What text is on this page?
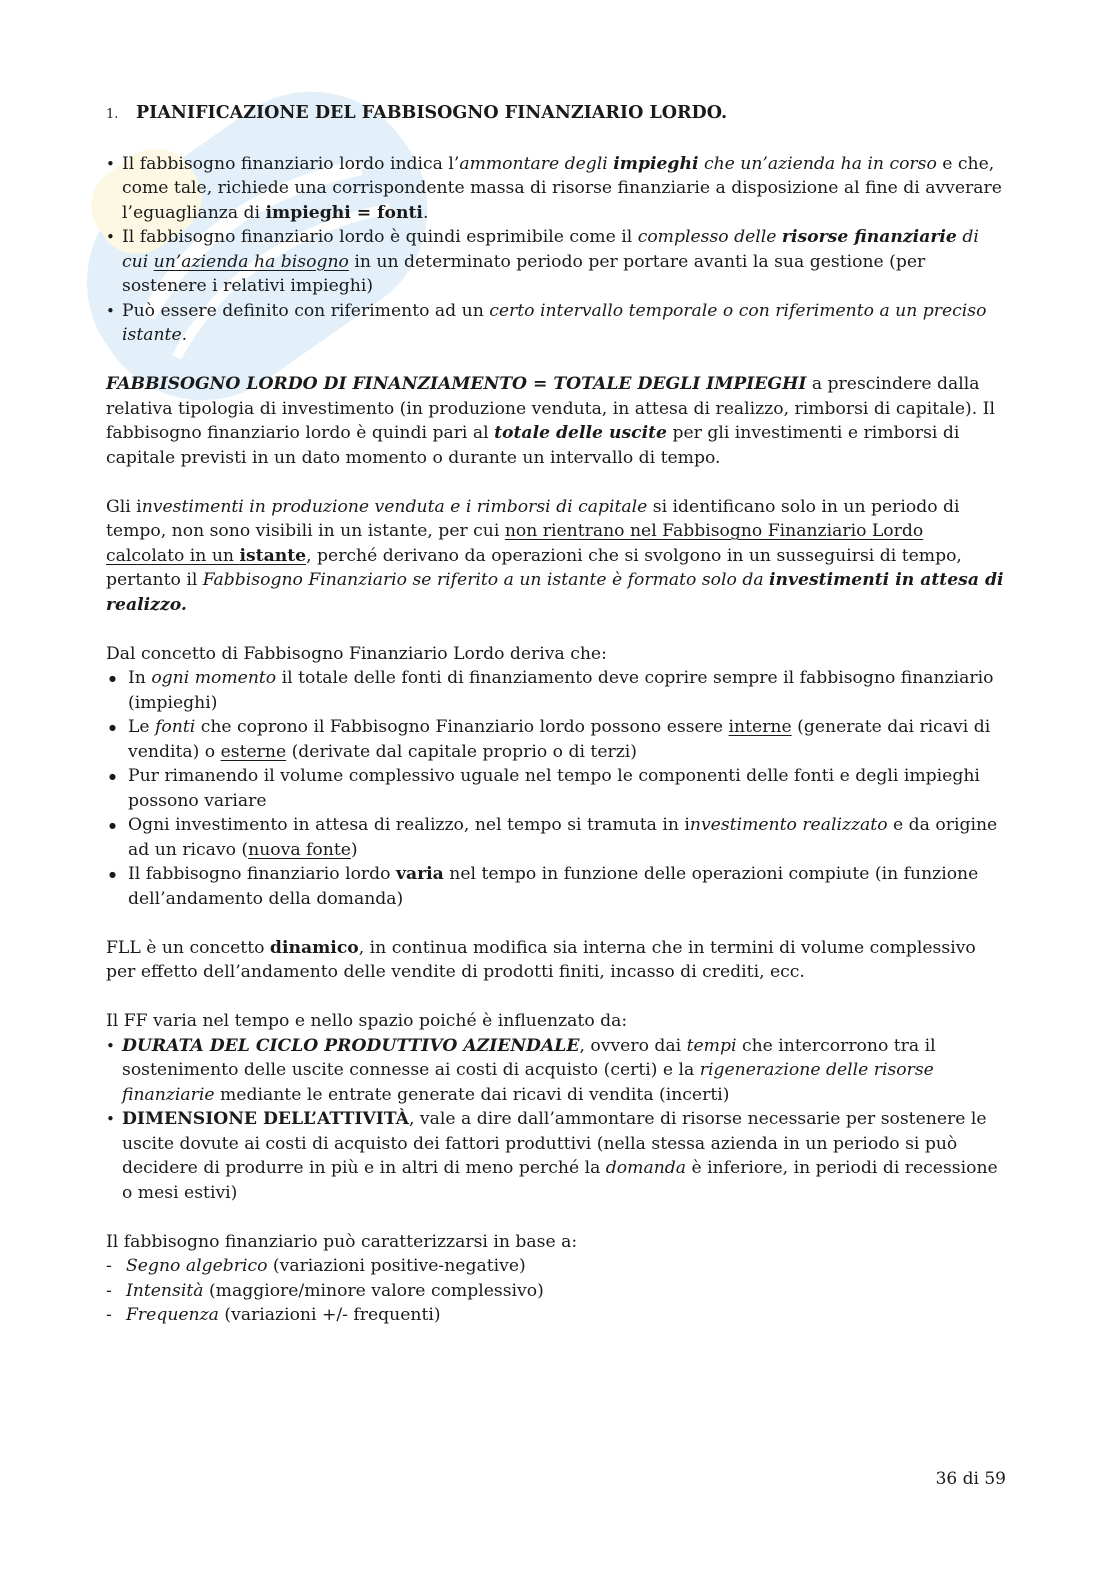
1.	PIANIFICAZIONE DEL FABBISOGNO FINANZIARIO LORDO.
• Il fabbisogno finanziario lordo indica l’ammontare degli impieghi che un’azienda ha in corso e che, come tale, richiede una corrispondente massa di risorse finanziarie a disposizione al fine di avverare l’eguaglianza di impieghi = fonti.
• Il fabbisogno finanziario lordo è quindi esprimibile come il complesso delle risorse finanziarie di cui un’azienda ha bisogno in un determinato periodo per portare avanti la sua gestione (per sostenere i relativi impieghi)
• Può essere definito con riferimento ad un certo intervallo temporale o con riferimento a un preciso istante.

FABBISOGNO LORDO DI FINANZIAMENTO = TOTALE DEGLI IMPIEGHI a prescindere dalla relativa tipologia di investimento (in produzione venduta, in attesa di realizzo, rimborsi di capitale). Il fabbisogno finanziario lordo è quindi pari al totale delle uscite per gli investimenti e rimborsi di capitale previsti in un dato momento o durante un intervallo di tempo.

Gli investimenti in produzione venduta e i rimborsi di capitale si identificano solo in un periodo di tempo, non sono visibili in un istante, per cui non rientrano nel Fabbisogno Finanziario Lordo calcolato in un istante, perché derivano da operazioni che si svolgono in un susseguirsi di tempo, pertanto il Fabbisogno Finanziario se riferito a un istante è formato solo da investimenti in attesa di realizzo.

Dal concetto di Fabbisogno Finanziario Lordo deriva che:

● In ogni momento il totale delle fonti di finanziamento deve coprire sempre il fabbisogno finanziario (impieghi)
● Le fonti che coprono il Fabbisogno Finanziario lordo possono essere interne (generate dai ricavi di vendita) o esterne (derivate dal capitale proprio o di terzi)
● Pur rimanendo il volume complessivo uguale nel tempo le componenti delle fonti e degli impieghi possono variare
● Ogni investimento in attesa di realizzo, nel tempo si tramuta in investimento realizzato e da origine ad un ricavo (nuova fonte)
● Il fabbisogno finanziario lordo varia nel tempo in funzione delle operazioni compiute (in funzione dell’andamento della domanda)

FLL è un concetto dinamico, in continua modifica sia interna che in termini di volume complessivo per effetto dell’andamento delle vendite di prodotti finiti, incasso di crediti, ecc.

Il FF varia nel tempo e nello spazio poiché è influenzato da:

• DURATA DEL CICLO PRODUTTIVO AZIENDALE, ovvero dai tempi che intercorrono tra il sostenimento delle uscite connesse ai costi di acquisto (certi) e la rigenerazione delle risorse finanziarie mediante le entrate generate dai ricavi di vendita (incerti)
• DIMENSIONE DELL’ATTIVITÀ, vale a dire dall’ammontare di risorse necessarie per sostenere le uscite dovute ai costi di acquisto dei fattori produttivi (nella stessa azienda in un periodo si può decidere di produrre in più e in altri di meno perché la domanda è inferiore, in periodi di recessione o mesi estivi)

Il fabbisogno finanziario può caratterizzarsi in base a:

- Segno algebrico (variazioni positive-negative)
- Intensità (maggiore/minore valore complessivo)
- Frequenza (variazioni +/- frequenti)
36 di 59
